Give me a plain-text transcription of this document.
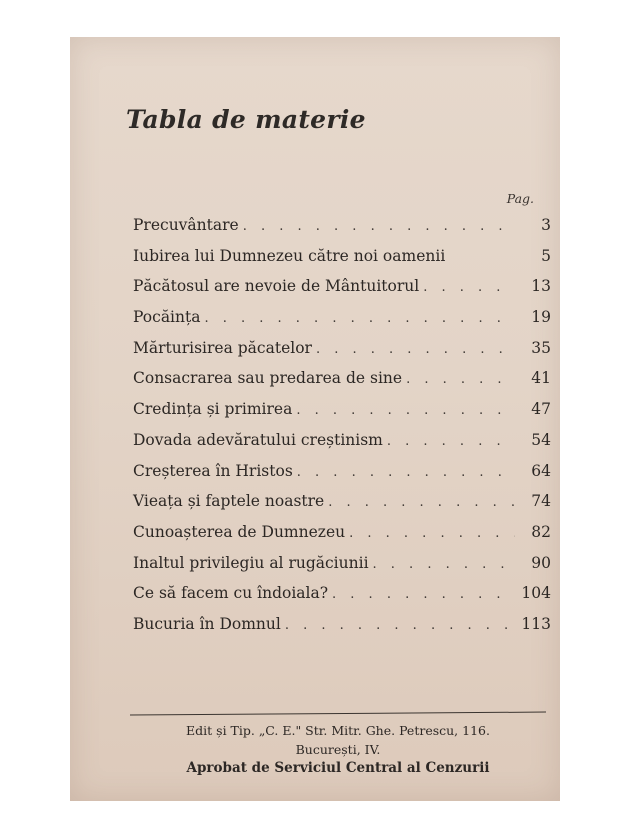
Tabla de materie
Pag.
Precuvântare . . .	3
Iubirea lui Dumnezeu către noi oamenii	5
Păcătosul are nevoie de Mântuitorul . . .	13
Pocăința . . .	19
Mărturisirea păcatelor . . .	35
Consacrarea sau predarea de sine . . .	41
Credința și primirea . . .	47
Dovada adevăratului creștinism . . .	54
Creșterea în Hristos . . .	64
Vieața și faptele noastre . . .	74
Cunoașterea de Dumnezeu . . .	82
Inaltul privilegiu al rugăciunii . . .	90
Ce să facem cu îndoiala? . . .	104
Bucuria în Domnul . . .	113
Edit și Tip. „C. E." Str. Mitr. Ghe. Petrescu, 116.
București, IV.
Aprobat de Serviciul Central al Cenzurii
